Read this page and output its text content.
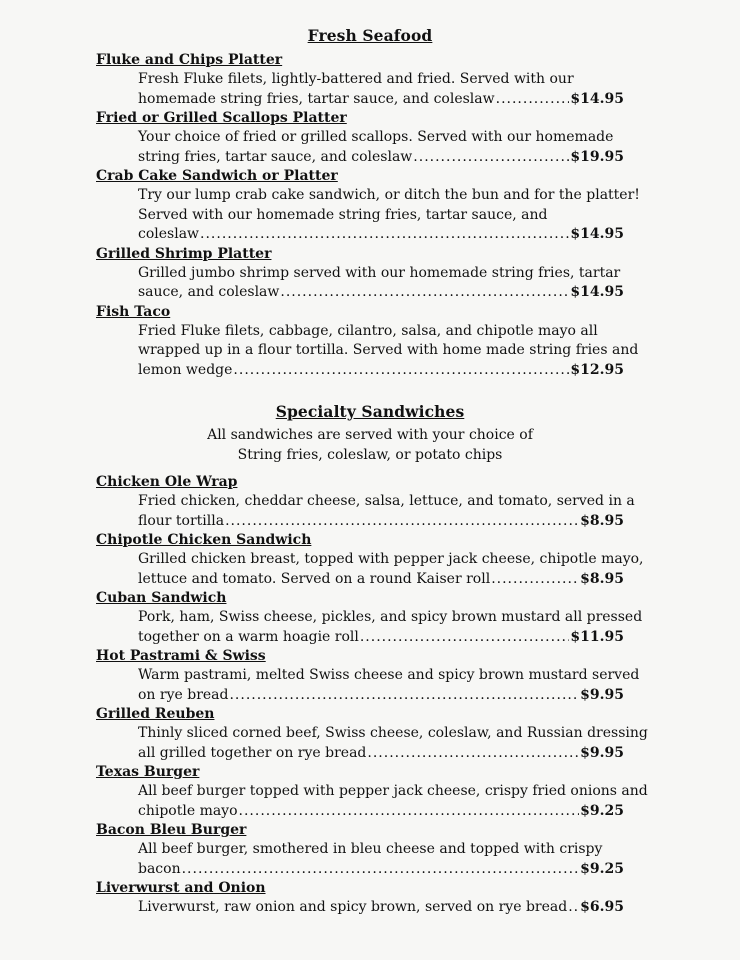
Fresh Seafood
Fluke and Chips Platter
Fresh Fluke filets, lightly-battered and fried. Served with our
homemade string fries, tartar sauce, and coleslaw .....	$14.95
Fried or Grilled Scallops Platter
Your choice of fried or grilled scallops. Served with our homemade
string fries, tartar sauce, and coleslaw .....	$19.95
Crab Cake Sandwich or Platter
Try our lump crab cake sandwich, or ditch the bun and for the platter!
Served with our homemade string fries, tartar sauce, and
coleslaw .....	$14.95
Grilled Shrimp Platter
Grilled jumbo shrimp served with our homemade string fries, tartar
sauce, and coleslaw .....	$14.95
Fish Taco
Fried Fluke filets, cabbage, cilantro, salsa, and chipotle mayo all
wrapped up in a flour tortilla. Served with home made string fries and
lemon wedge .....	$12.95
Specialty Sandwiches
All sandwiches are served with your choice of
String fries, coleslaw, or potato chips
Chicken Ole Wrap
Fried chicken, cheddar cheese, salsa, lettuce, and tomato, served in a
flour tortilla .....	$8.95
Chipotle Chicken Sandwich
Grilled chicken breast, topped with pepper jack cheese, chipotle mayo,
lettuce and tomato. Served on a round Kaiser roll .....	$8.95
Cuban Sandwich
Pork, ham, Swiss cheese, pickles, and spicy brown mustard all pressed
together on a warm hoagie roll .....	$11.95
Hot Pastrami & Swiss
Warm pastrami, melted Swiss cheese and spicy brown mustard served
on rye bread .....	$9.95
Grilled Reuben
Thinly sliced corned beef, Swiss cheese, coleslaw, and Russian dressing
all grilled together on rye bread .....	$9.95
Texas Burger
All beef burger topped with pepper jack cheese, crispy fried onions and
chipotle mayo .....	$9.25
Bacon Bleu Burger
All beef burger, smothered in bleu cheese and topped with crispy
bacon .....	$9.25
Liverwurst and Onion
Liverwurst, raw onion and spicy brown, served on rye bread ..... $6.95
